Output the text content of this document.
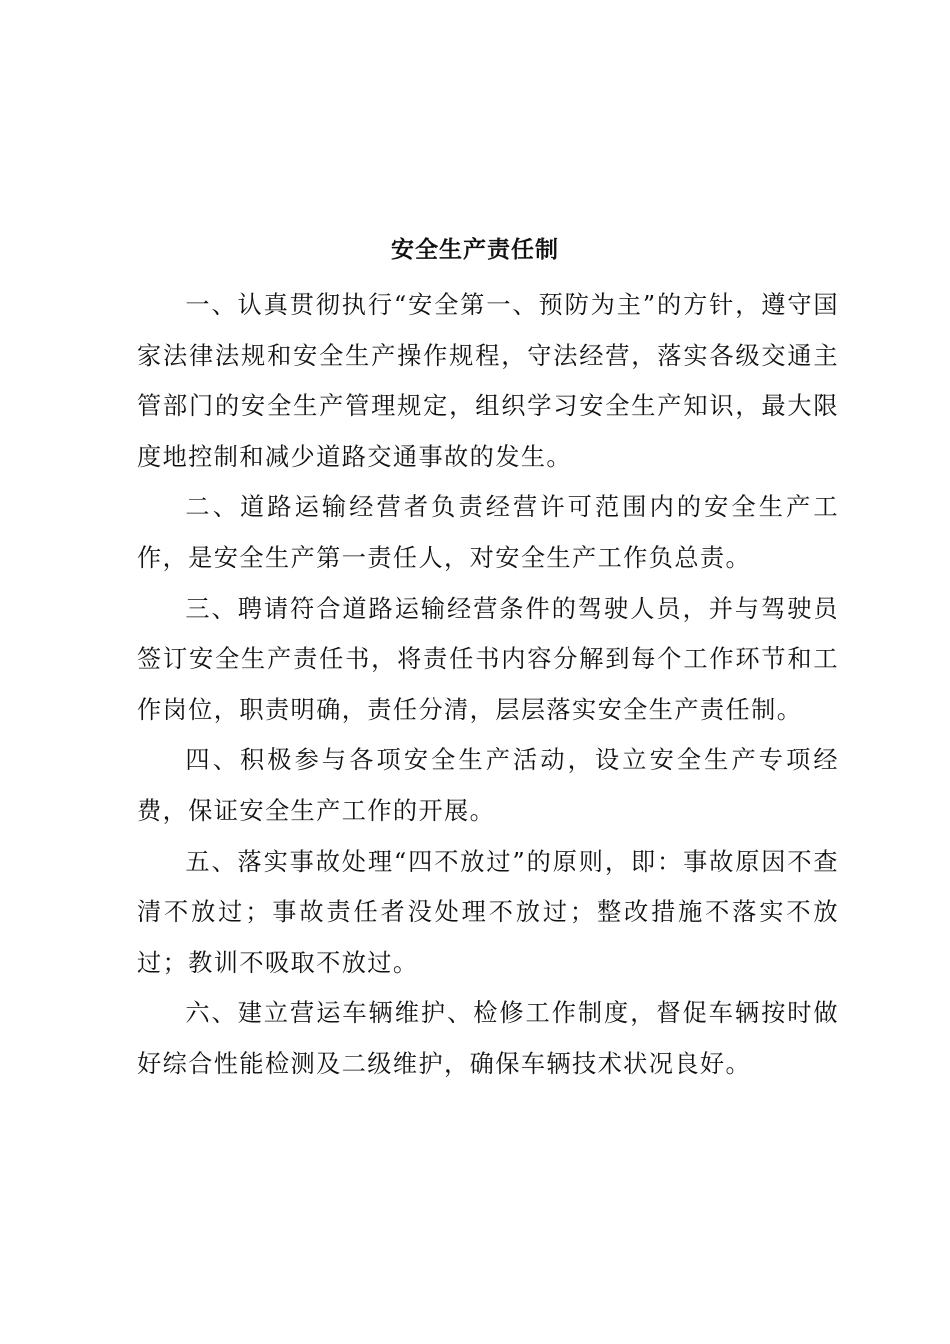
安全生产责任制

一、认真贯彻执行“安全第一、预防为主”的方针，遵守国家法律法规和安全生产操作规程，守法经营，落实各级交通主管部门的安全生产管理规定，组织学习安全生产知识，最大限度地控制和减少道路交通事故的发生。

二、道路运输经营者负责经营许可范围内的安全生产工作，是安全生产第一责任人，对安全生产工作负总责。

三、聘请符合道路运输经营条件的驾驶人员，并与驾驶员签订安全生产责任书，将责任书内容分解到每个工作环节和工作岗位，职责明确，责任分清，层层落实安全生产责任制。

四、积极参与各项安全生产活动，设立安全生产专项经费，保证安全生产工作的开展。

五、落实事故处理“四不放过”的原则，即：事故原因不查清不放过；事故责任者没处理不放过；整改措施不落实不放过；教训不吸取不放过。

六、建立营运车辆维护、检修工作制度，督促车辆按时做好综合性能检测及二级维护，确保车辆技术状况良好。
